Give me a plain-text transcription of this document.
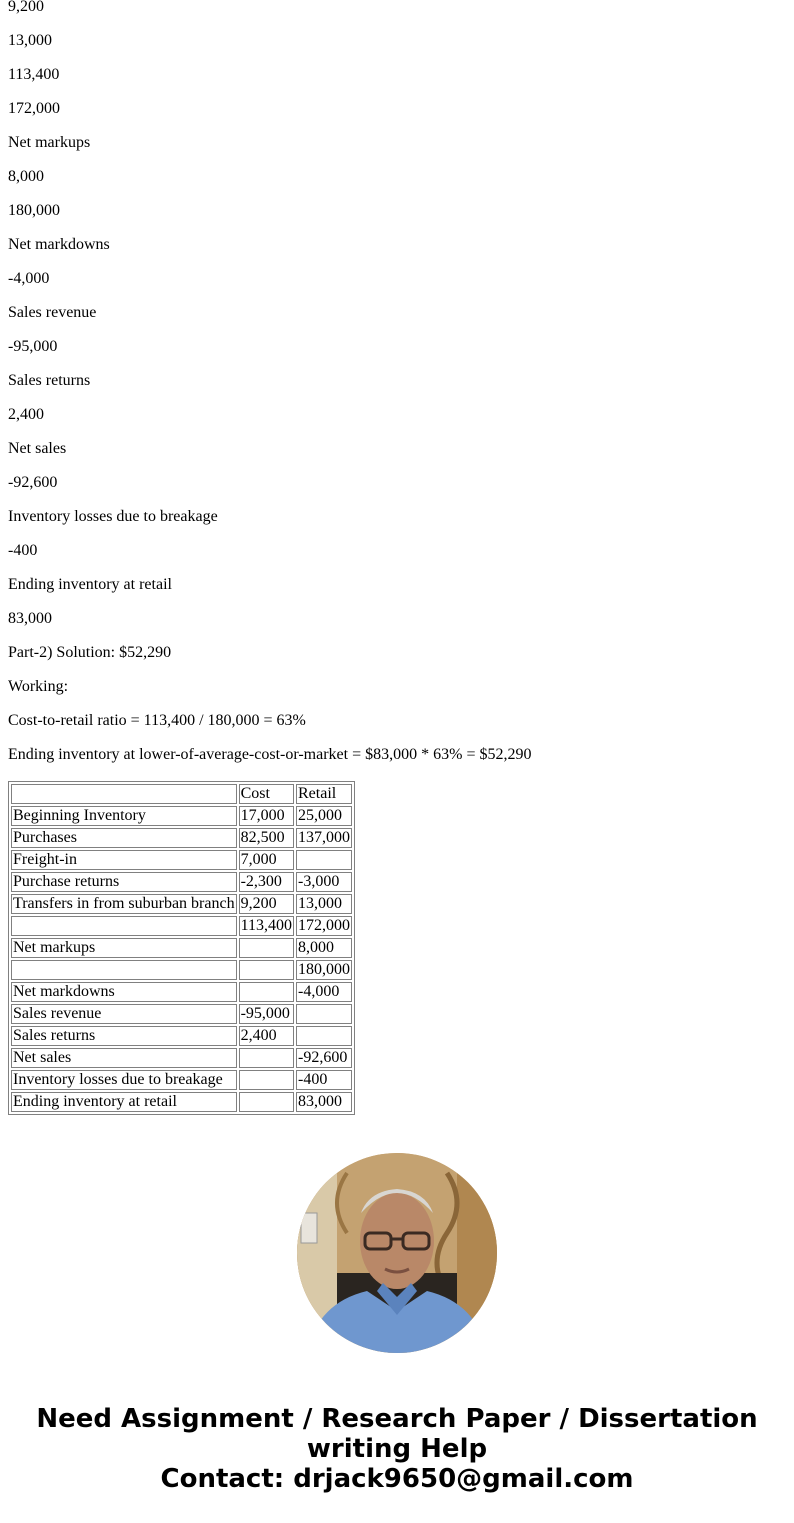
9,200

13,000

113,400

172,000

Net markups

8,000

180,000

Net markdowns

-4,000

Sales revenue

-95,000

Sales returns

2,400

Net sales

-92,600

Inventory losses due to breakage

-400

Ending inventory at retail

83,000

Part-2) Solution: $52,290

Working:

Cost-to-retail ratio = 113,400 / 180,000 = 63%

Ending inventory at lower-of-average-cost-or-market = $83,000 * 63% = $52,290

	Cost	Retail
Beginning Inventory	17,000	25,000
Purchases	82,500	137,000
Freight-in	7,000	
Purchase returns	-2,300	-3,000
Transfers in from suburban branch	9,200	13,000
	113,400	172,000
Net markups		8,000
		180,000
Net markdowns		-4,000
Sales revenue	-95,000	
Sales returns	2,400	
Net sales		-92,600
Inventory losses due to breakage		-400
Ending inventory at retail		83,000
Need Assignment / Research Paper / Dissertation
writing Help
Contact: drjack9650@gmail.com
